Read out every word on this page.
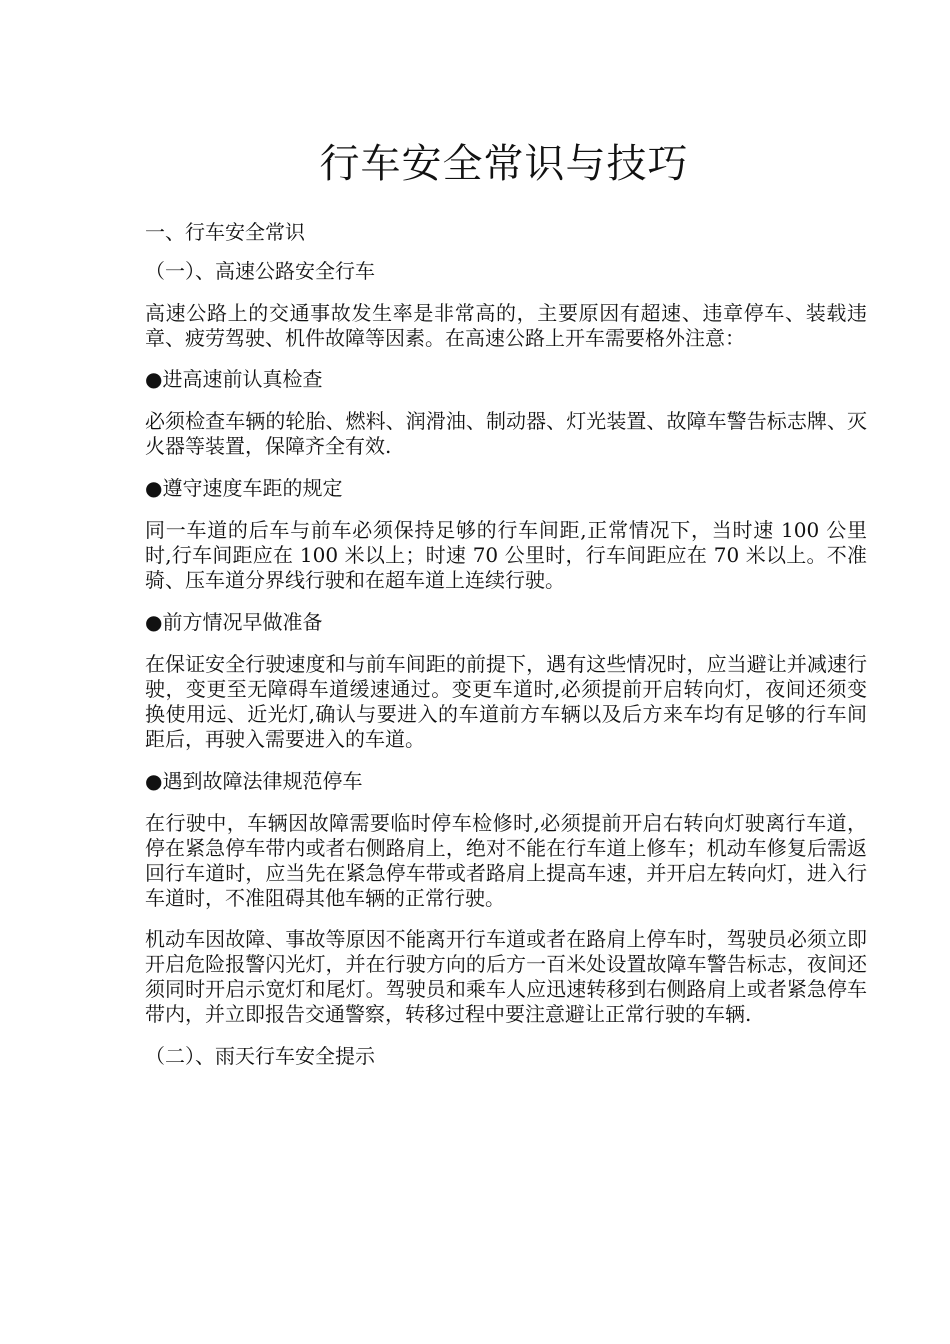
行车安全常识与技巧

一、行车安全常识

（一）、高速公路安全行车

高速公路上的交通事故发生率是非常高的，主要原因有超速、违章停车、装载违章、疲劳驾驶、机件故障等因素。在高速公路上开车需要格外注意：

●进高速前认真检查

必须检查车辆的轮胎、燃料、润滑油、制动器、灯光装置、故障车警告标志牌、灭火器等装置，保障齐全有效.

●遵守速度车距的规定

同一车道的后车与前车必须保持足够的行车间距,正常情况下，当时速 100 公里时,行车间距应在 100 米以上；时速 70 公里时，行车间距应在 70 米以上。不准骑、压车道分界线行驶和在超车道上连续行驶。

●前方情况早做准备

在保证安全行驶速度和与前车间距的前提下，遇有这些情况时，应当避让并减速行驶，变更至无障碍车道缓速通过。变更车道时,必须提前开启转向灯，夜间还须变换使用远、近光灯,确认与要进入的车道前方车辆以及后方来车均有足够的行车间距后，再驶入需要进入的车道。

●遇到故障法律规范停车

在行驶中，车辆因故障需要临时停车检修时,必须提前开启右转向灯驶离行车道，停在紧急停车带内或者右侧路肩上，绝对不能在行车道上修车；机动车修复后需返回行车道时，应当先在紧急停车带或者路肩上提高车速，并开启左转向灯，进入行车道时，不准阻碍其他车辆的正常行驶。

机动车因故障、事故等原因不能离开行车道或者在路肩上停车时，驾驶员必须立即开启危险报警闪光灯，并在行驶方向的后方一百米处设置故障车警告标志，夜间还须同时开启示宽灯和尾灯。驾驶员和乘车人应迅速转移到右侧路肩上或者紧急停车带内，并立即报告交通警察，转移过程中要注意避让正常行驶的车辆.

（二）、雨天行车安全提示
